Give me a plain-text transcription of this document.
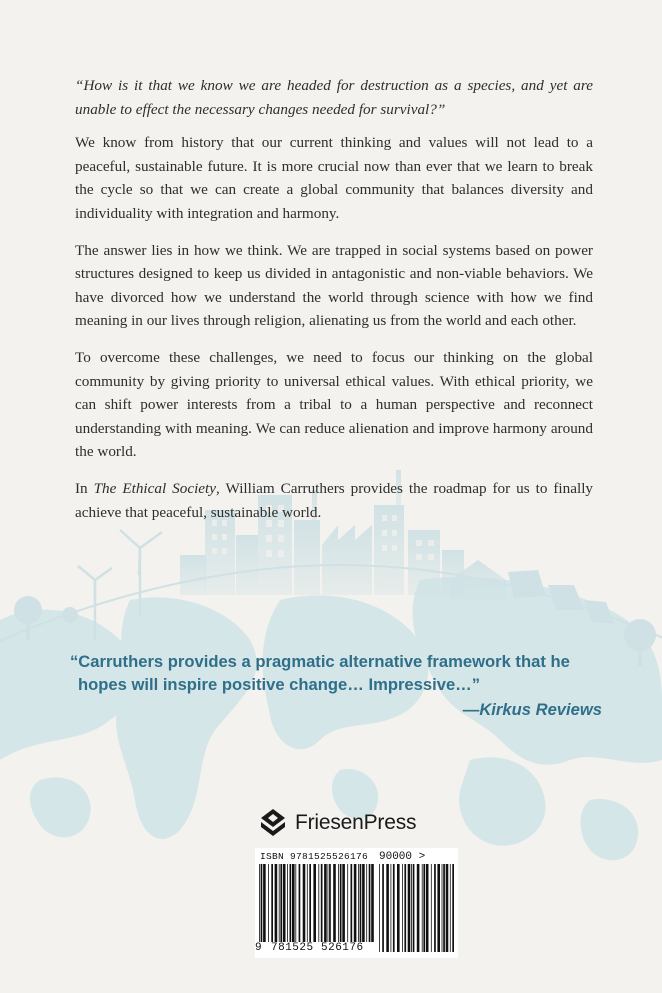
“How is it that we know we are headed for destruction as a species, and yet are unable to effect the necessary changes needed for survival?”

We know from history that our current thinking and values will not lead to a peaceful, sustainable future. It is more crucial now than ever that we learn to break the cycle so that we can create a global community that balances diversity and individuality with integration and harmony.

The answer lies in how we think. We are trapped in social systems based on power structures designed to keep us divided in antagonistic and non-viable behaviors. We have divorced how we understand the world through science with how we find meaning in our lives through religion, alienating us from the world and each other.

To overcome these challenges, we need to focus our thinking on the global community by giving priority to universal ethical values. With ethical priority, we can shift power interests from a tribal to a human perspective and reconnect understanding with meaning. We can reduce alienation and improve harmony around the world.

In The Ethical Society, William Carruthers provides the roadmap for us to finally achieve that peaceful, sustainable world.

“Carruthers provides a pragmatic alternative framework that he hopes will inspire positive change… Impressive…”
—Kirkus Reviews
FriesenPress
ISBN 9781525526176 90000 >
9 781525 526176
